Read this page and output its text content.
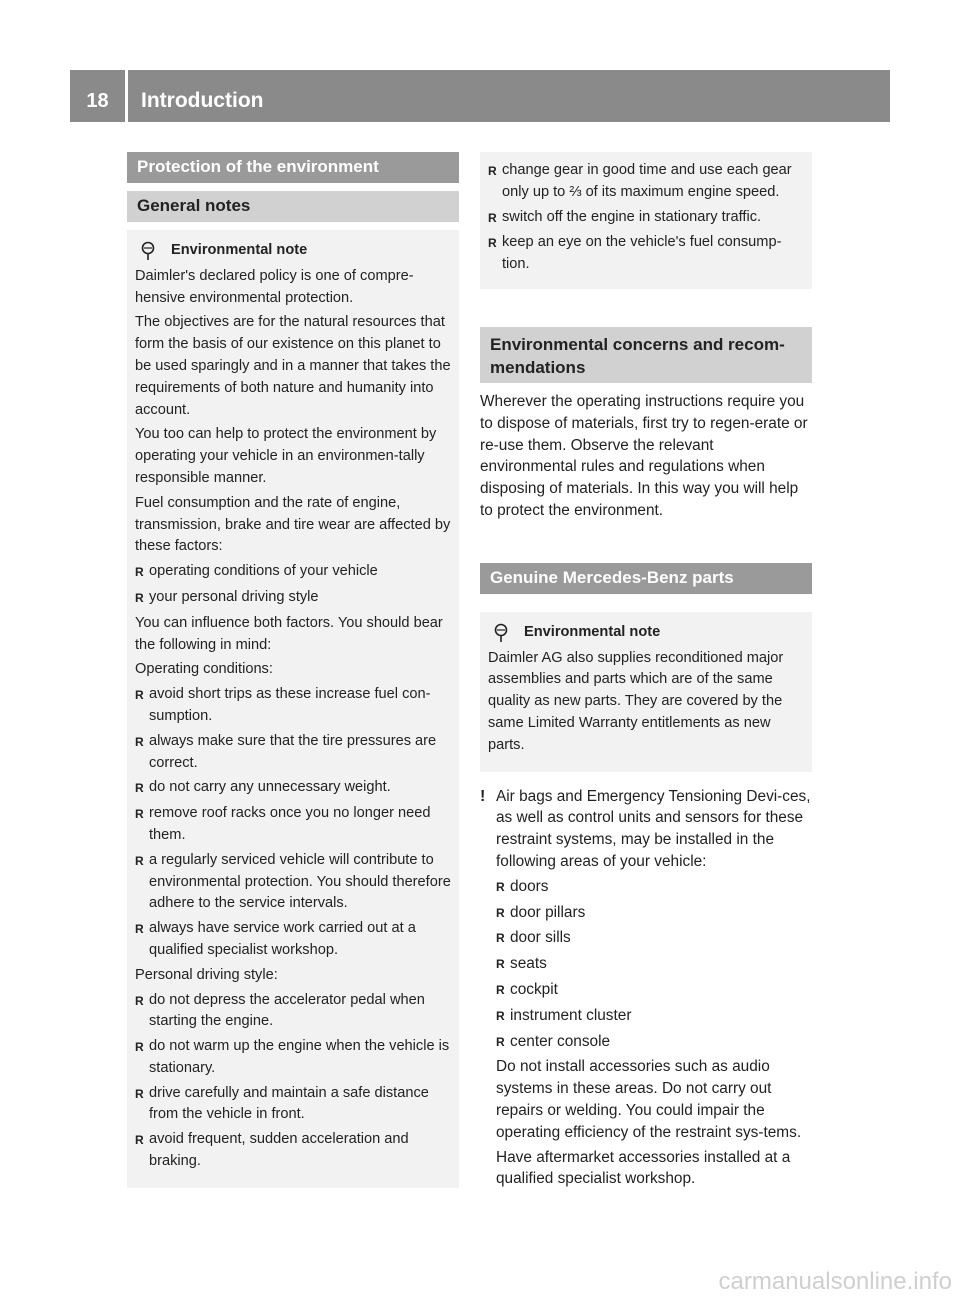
18	Introduction
Protection of the environment
General notes
Environmental note

Daimler's declared policy is one of compre-hensive environmental protection.

The objectives are for the natural resources that form the basis of our existence on this planet to be used sparingly and in a manner that takes the requirements of both nature and humanity into account.

You too can help to protect the environment by operating your vehicle in an environmen-tally responsible manner.

Fuel consumption and the rate of engine, transmission, brake and tire wear are affected by these factors:

R operating conditions of your vehicle
R your personal driving style

You can influence both factors. You should bear the following in mind:

Operating conditions:

R avoid short trips as these increase fuel con-sumption.
R always make sure that the tire pressures are correct.
R do not carry any unnecessary weight.
R remove roof racks once you no longer need them.
R a regularly serviced vehicle will contribute to environmental protection. You should therefore adhere to the service intervals.
R always have service work carried out at a qualified specialist workshop.

Personal driving style:

R do not depress the accelerator pedal when starting the engine.
R do not warm up the engine when the vehicle is stationary.
R drive carefully and maintain a safe distance from the vehicle in front.
R avoid frequent, sudden acceleration and braking.
R change gear in good time and use each gear only up to ⅔ of its maximum engine speed.
R switch off the engine in stationary traffic.
R keep an eye on the vehicle's fuel consump-tion.
Environmental concerns and recom-mendations

Wherever the operating instructions require you to dispose of materials, first try to regen-erate or re-use them. Observe the relevant environmental rules and regulations when disposing of materials. In this way you will help to protect the environment.

Genuine Mercedes-Benz parts
Environmental note

Daimler AG also supplies reconditioned major assemblies and parts which are of the same quality as new parts. They are covered by the same Limited Warranty entitlements as new parts.

! Air bags and Emergency Tensioning Devi-ces, as well as control units and sensors for these restraint systems, may be installed in the following areas of your vehicle:

R doors
R door pillars
R door sills
R seats
R cockpit
R instrument cluster
R center console

Do not install accessories such as audio systems in these areas. Do not carry out repairs or welding. You could impair the operating efficiency of the restraint sys-tems.

Have aftermarket accessories installed at a qualified specialist workshop.

carmanualsonline.info
